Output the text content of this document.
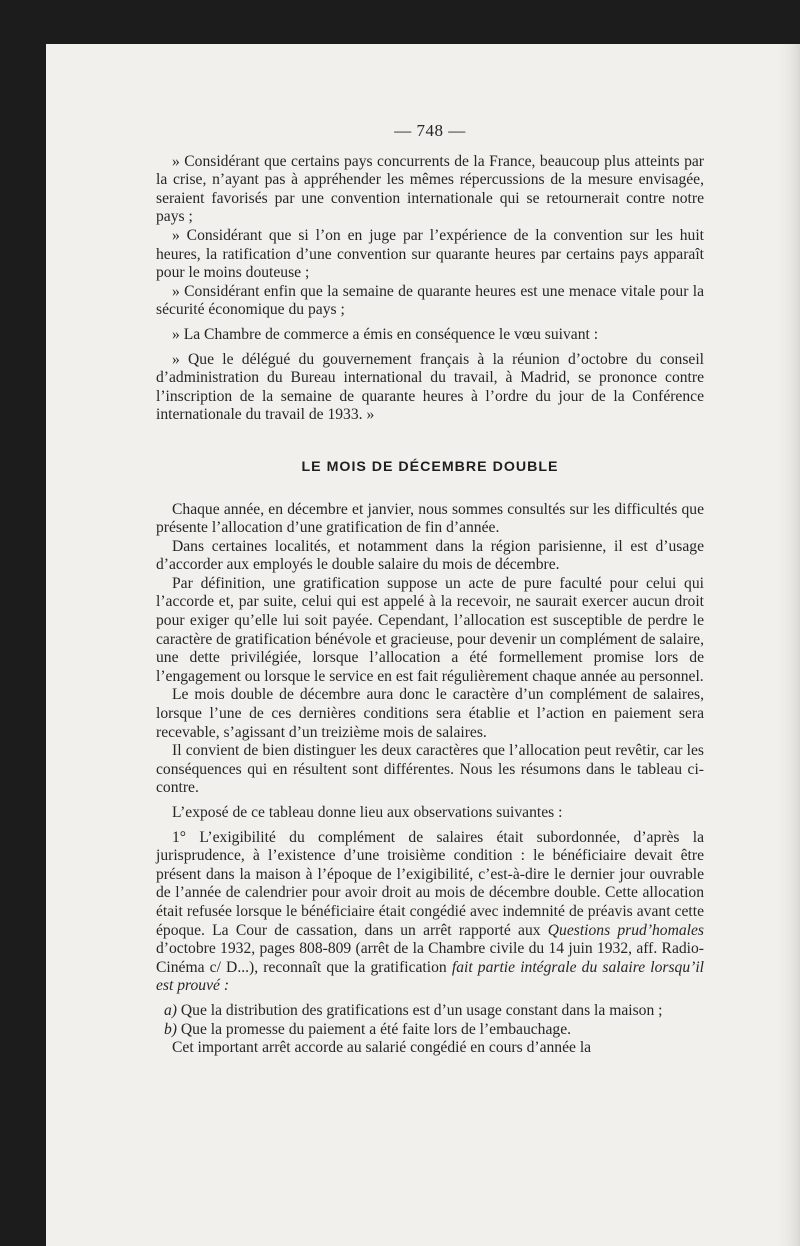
— 748 —

» Considérant que certains pays concurrents de la France, beaucoup plus atteints par la crise, n’ayant pas à appréhender les mêmes répercussions de la mesure envisagée, seraient favorisés par une convention internationale qui se retournerait contre notre pays ;

» Considérant que si l’on en juge par l’expérience de la convention sur les huit heures, la ratification d’une convention sur quarante heures par certains pays apparaît pour le moins douteuse ;

» Considérant enfin que la semaine de quarante heures est une menace vitale pour la sécurité économique du pays ;

» La Chambre de commerce a émis en conséquence le vœu suivant :

» Que le délégué du gouvernement français à la réunion d’octobre du conseil d’administration du Bureau international du travail, à Madrid, se prononce contre l’inscription de la semaine de quarante heures à l’ordre du jour de la Conférence internationale du travail de 1933. »

LE MOIS DE DÉCEMBRE DOUBLE

Chaque année, en décembre et janvier, nous sommes consultés sur les difficultés que présente l’allocation d’une gratification de fin d’année.

Dans certaines localités, et notamment dans la région parisienne, il est d’usage d’accorder aux employés le double salaire du mois de décembre.

Par définition, une gratification suppose un acte de pure faculté pour celui qui l’accorde et, par suite, celui qui est appelé à la recevoir, ne saurait exercer aucun droit pour exiger qu’elle lui soit payée. Cependant, l’allocation est susceptible de perdre le caractère de gratification bénévole et gracieuse, pour devenir un complément de salaire, une dette privilégiée, lorsque l’allocation a été formellement promise lors de l’engagement ou lorsque le service en est fait régulièrement chaque année au personnel.

Le mois double de décembre aura donc le caractère d’un complément de salaires, lorsque l’une de ces dernières conditions sera établie et l’action en paiement sera recevable, s’agissant d’un treizième mois de salaires.

Il convient de bien distinguer les deux caractères que l’allocation peut revêtir, car les conséquences qui en résultent sont différentes. Nous les résumons dans le tableau ci-contre.

L’exposé de ce tableau donne lieu aux observations suivantes :

1° L’exigibilité du complément de salaires était subordonnée, d’après la jurisprudence, à l’existence d’une troisième condition : le bénéficiaire devait être présent dans la maison à l’époque de l’exigibilité, c’est-à-dire le dernier jour ouvrable de l’année de calendrier pour avoir droit au mois de décembre double. Cette allocation était refusée lorsque le bénéficiaire était congédié avec indemnité de préavis avant cette époque. La Cour de cassation, dans un arrêt rapporté aux Questions prud’homales d’octobre 1932, pages 808-809 (arrêt de la Chambre civile du 14 juin 1932, aff. Radio-Cinéma c/ D...), reconnaît que la gratification fait partie intégrale du salaire lorsqu’il est prouvé :

a) Que la distribution des gratifications est d’un usage constant dans la maison ;

b) Que la promesse du paiement a été faite lors de l’embauchage.

Cet important arrêt accorde au salarié congédié en cours d’année la
